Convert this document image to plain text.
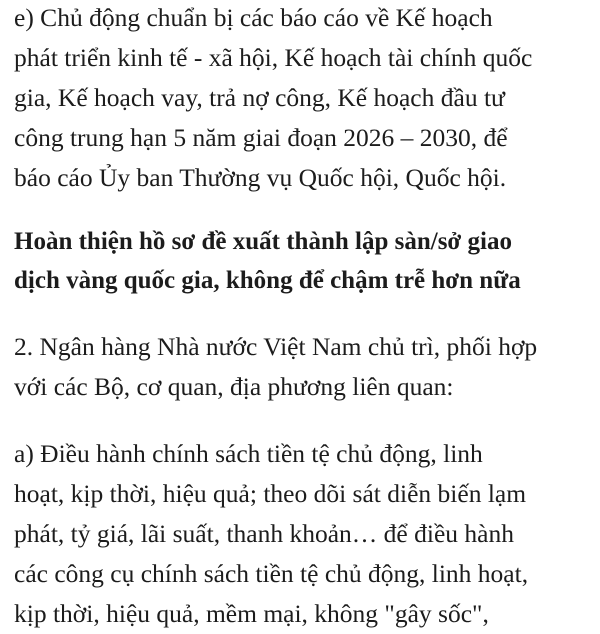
e) Chủ động chuẩn bị các báo cáo về Kế hoạch
phát triển kinh tế - xã hội, Kế hoạch tài chính quốc
gia, Kế hoạch vay, trả nợ công, Kế hoạch đầu tư
công trung hạn 5 năm giai đoạn 2026 – 2030, để
báo cáo Ủy ban Thường vụ Quốc hội, Quốc hội.

Hoàn thiện hồ sơ đề xuất thành lập sàn/sở giao
dịch vàng quốc gia, không để chậm trễ hơn nữa

2. Ngân hàng Nhà nước Việt Nam chủ trì, phối hợp
với các Bộ, cơ quan, địa phương liên quan:

a) Điều hành chính sách tiền tệ chủ động, linh
hoạt, kịp thời, hiệu quả; theo dõi sát diễn biến lạm
phát, tỷ giá, lãi suất, thanh khoản… để điều hành
các công cụ chính sách tiền tệ chủ động, linh hoạt,
kịp thời, hiệu quả, mềm mại, không "gây sốc",
